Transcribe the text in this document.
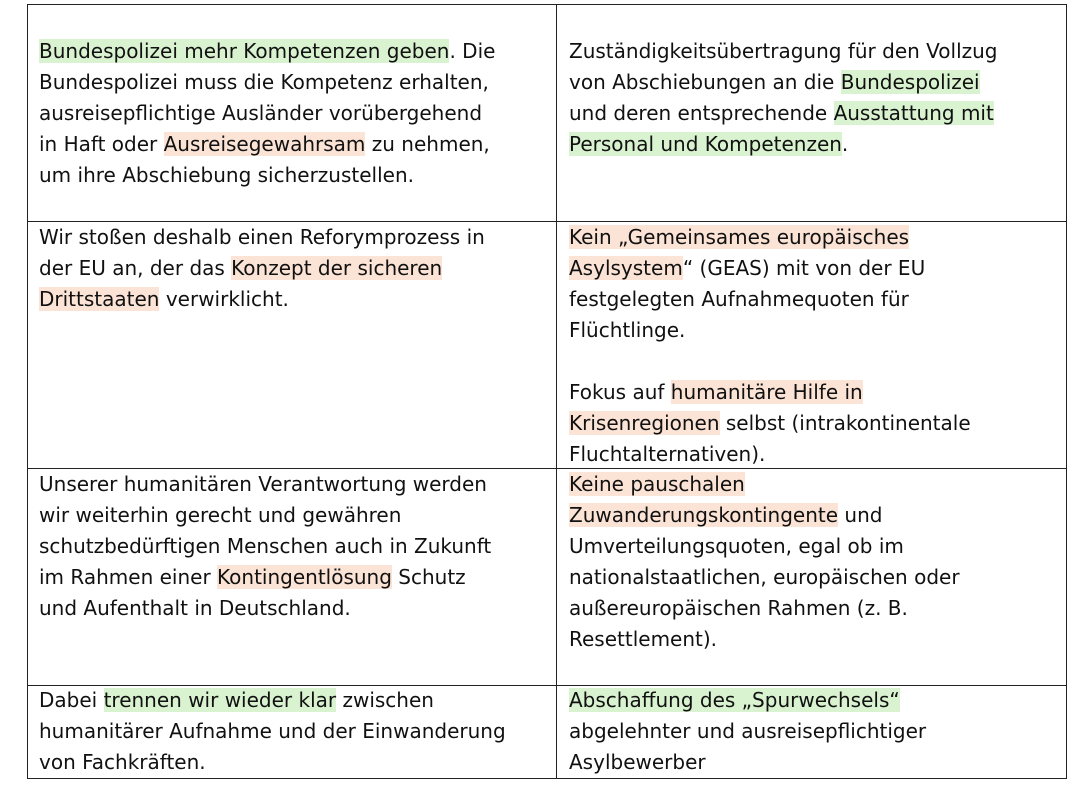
Bundespolizei mehr Kompetenzen geben. Die
Bundespolizei muss die Kompetenz erhalten,
ausreisepflichtige Ausländer vorübergehend
in Haft oder Ausreisegewahrsam zu nehmen,
um ihre Abschiebung sicherzustellen.
Zuständigkeitsübertragung für den Vollzug
von Abschiebungen an die Bundespolizei
und deren entsprechende Ausstattung mit
Personal und Kompetenzen.
Wir stoßen deshalb einen Reforymprozess in
der EU an, der das Konzept der sicheren
Drittstaaten verwirklicht.
Kein „Gemeinsames europäisches
Asylsystem“ (GEAS) mit von der EU
festgelegten Aufnahmequoten für
Flüchtlinge.
Fokus auf humanitäre Hilfe in
Krisenregionen selbst (intrakontinentale
Fluchtalternativen).
Unserer humanitären Verantwortung werden
wir weiterhin gerecht und gewähren
schutzbedürftigen Menschen auch in Zukunft
im Rahmen einer Kontingentlösung Schutz
und Aufenthalt in Deutschland.
Keine pauschalen
Zuwanderungskontingente und
Umverteilungsquoten, egal ob im
nationalstaatlichen, europäischen oder
außereuropäischen Rahmen (z. B.
Resettlement).
Dabei trennen wir wieder klar zwischen
humanitärer Aufnahme und der Einwanderung
von Fachkräften.
Abschaffung des „Spurwechsels“
abgelehnter und ausreisepflichtiger
Asylbewerber
